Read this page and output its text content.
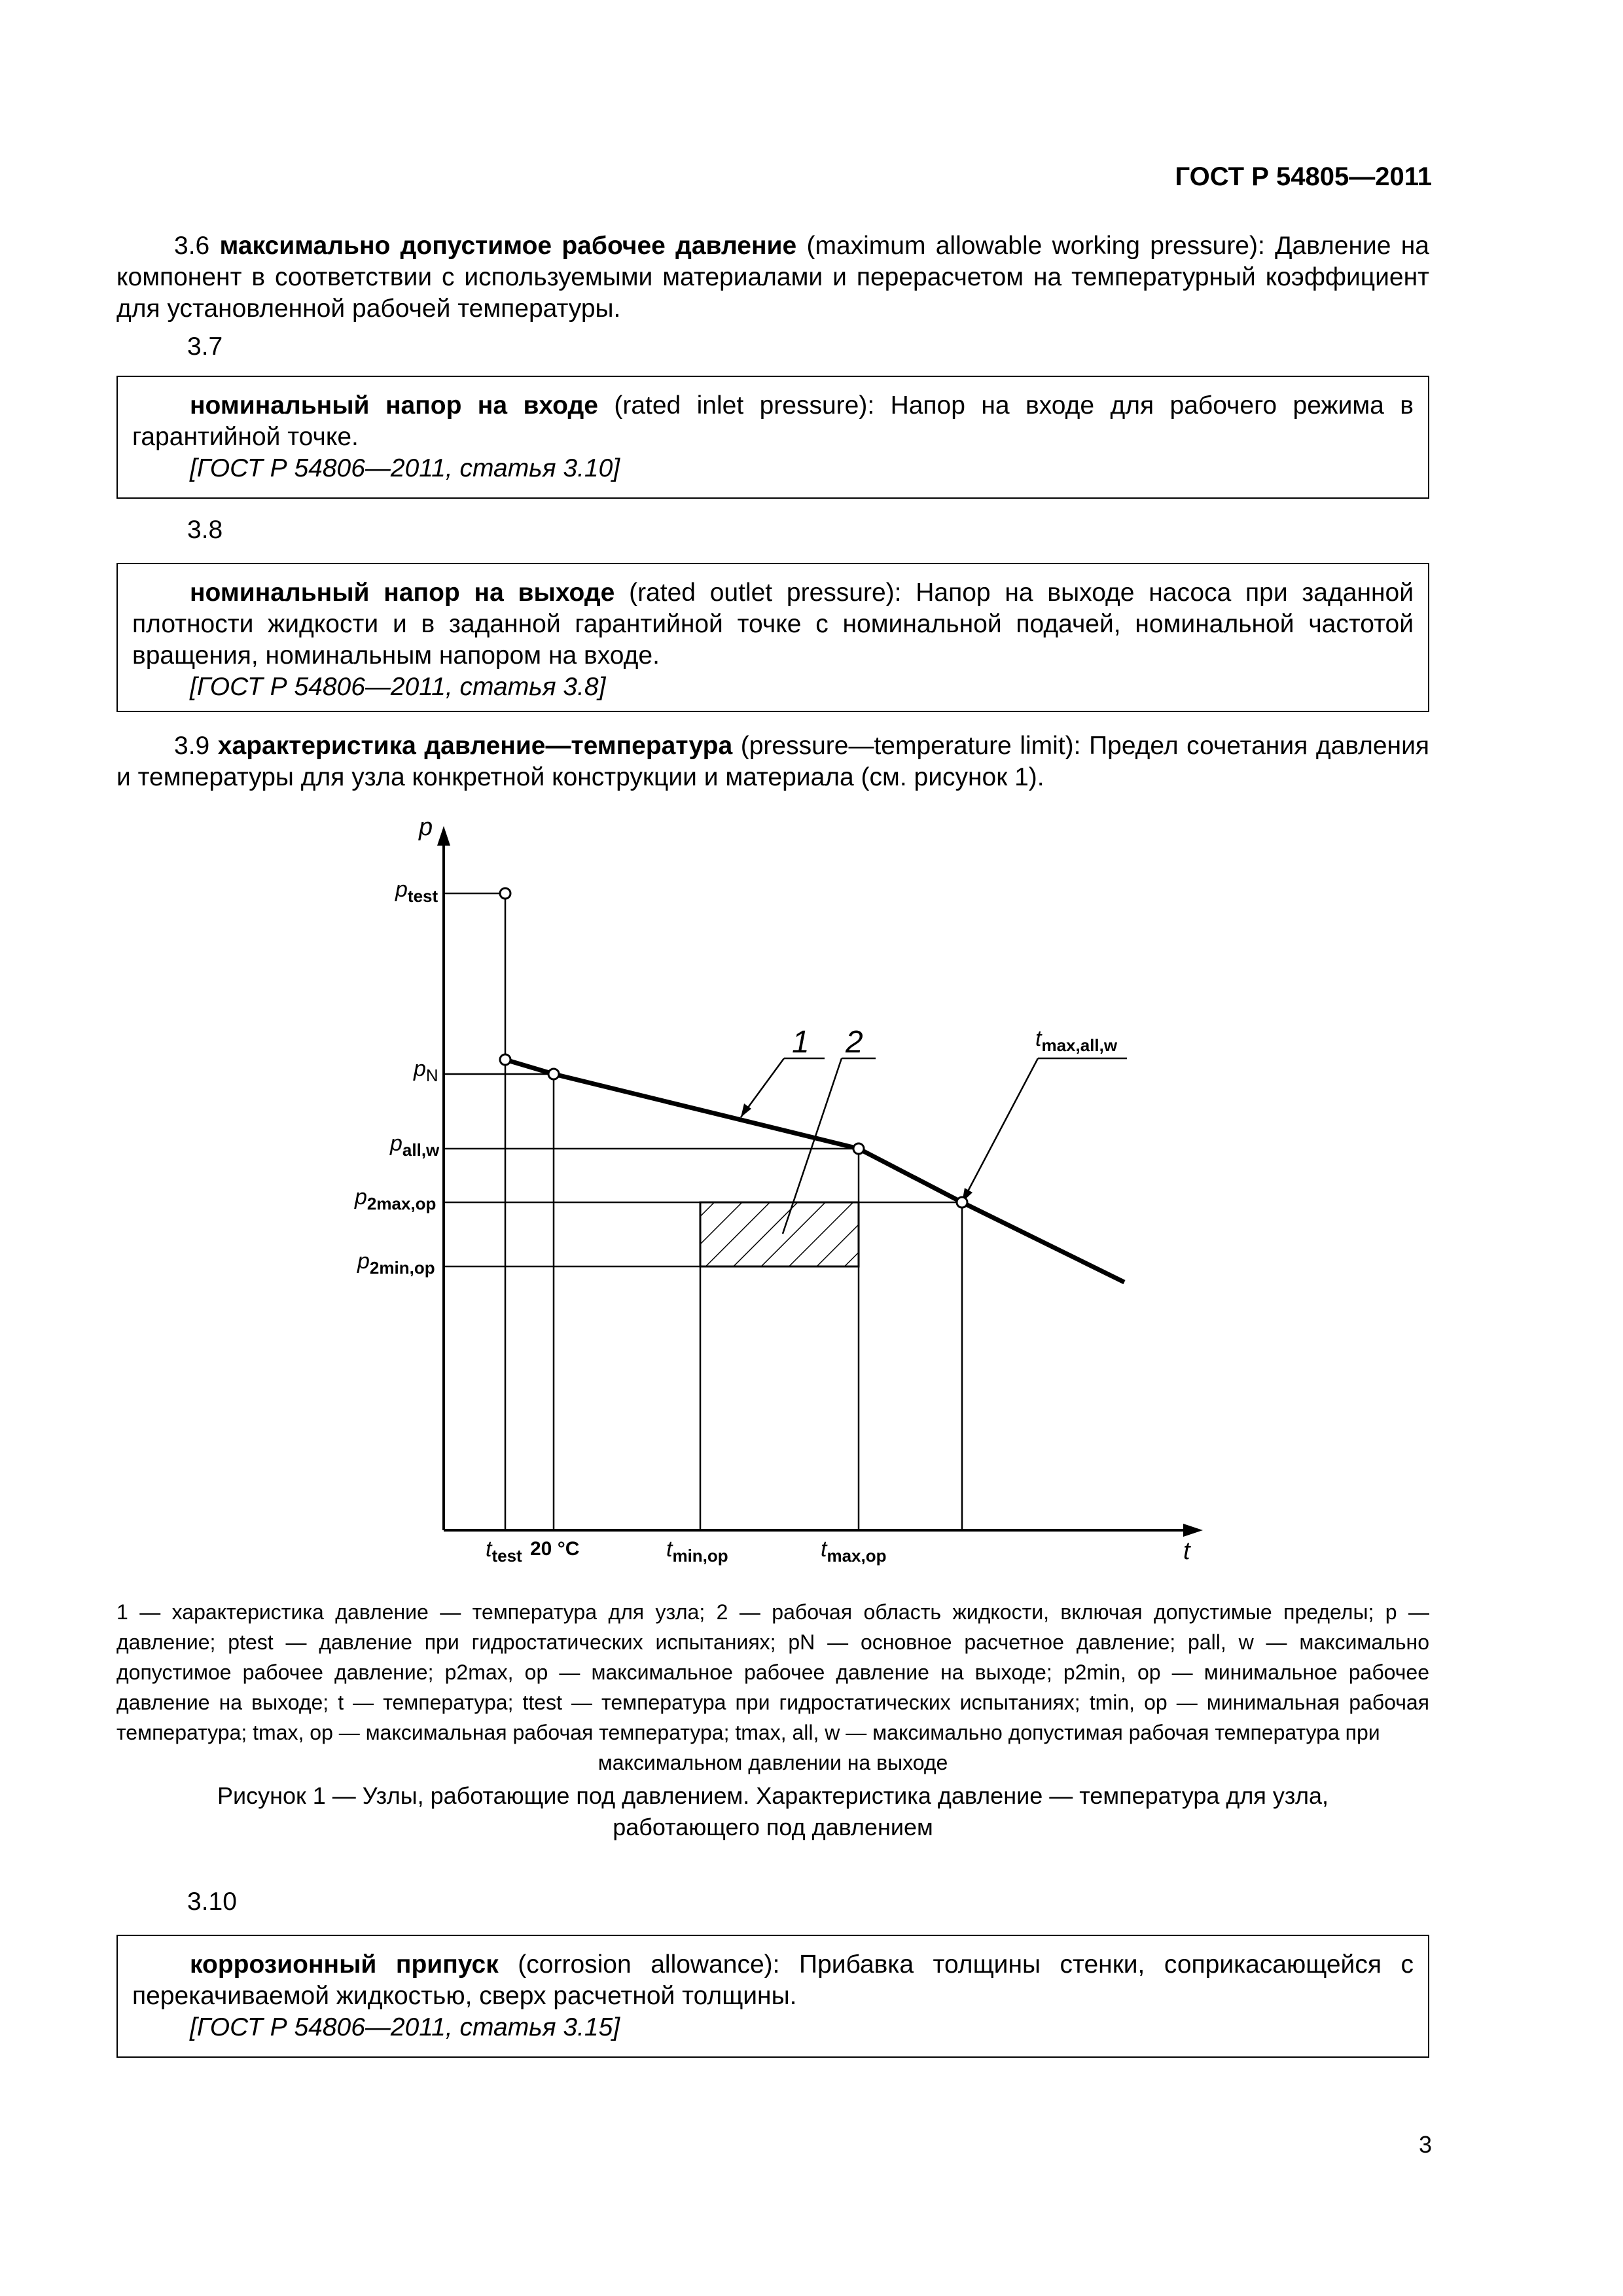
ГОСТ Р 54805—2011
3.6 максимально допустимое рабочее давление (maximum allowable working pressure): Давление на компонент в соответствии с используемыми материалами и перерасчетом на температурный коэффициент для установленной рабочей температуры.
3.7
номинальный напор на входе (rated inlet pressure): Напор на входе для рабочего режима в гарантийной точке.
[ГОСТ Р 54806—2011, статья 3.10]
3.8
номинальный напор на выходе (rated outlet pressure): Напор на выходе насоса при заданной плотности жидкости и в заданной гарантийной точке с номинальной подачей, номинальной частотой вращения, номинальным напором на входе.
[ГОСТ Р 54806—2011, статья 3.8]
3.9 характеристика давление—температура (pressure—temperature limit): Предел сочетания давления и температуры для узла конкретной конструкции и материала (см. рисунок 1).
p
t
$p_{test}$
$p_N$
$p_{all,w}$
$p_{2max,op}$
$p_{2min,op}$
$t_{test}$ 20 °C	$t_{min,op}$	$t_{max,op}$
$t_{max,all,w}$
1 2
1 — характеристика давление — температура для узла; 2 — рабочая область жидкости, включая допустимые пределы; p — давление; ptest — давление при гидростатических испытаниях; pN — основное расчетное давление; pall, w — максимально допустимое рабочее давление; p2max, op — максимальное рабочее давление на выходе; p2min, op — минимальное рабочее давление на выходе; t — температура; ttest — температура при гидростатических испытаниях; tmin, op — минимальная рабочая температура; tmax, op — максимальная рабочая температура; tmax, all, w — максимально допустимая рабочая температура при
максимальном давлении на выходе
Рисунок 1 — Узлы, работающие под давлением. Характеристика давление — температура для узла,
работающего под давлением
3.10
коррозионный припуск (corrosion allowance): Прибавка толщины стенки, соприкасающейся с перекачиваемой жидкостью, сверх расчетной толщины.
[ГОСТ Р 54806—2011, статья 3.15]
3
